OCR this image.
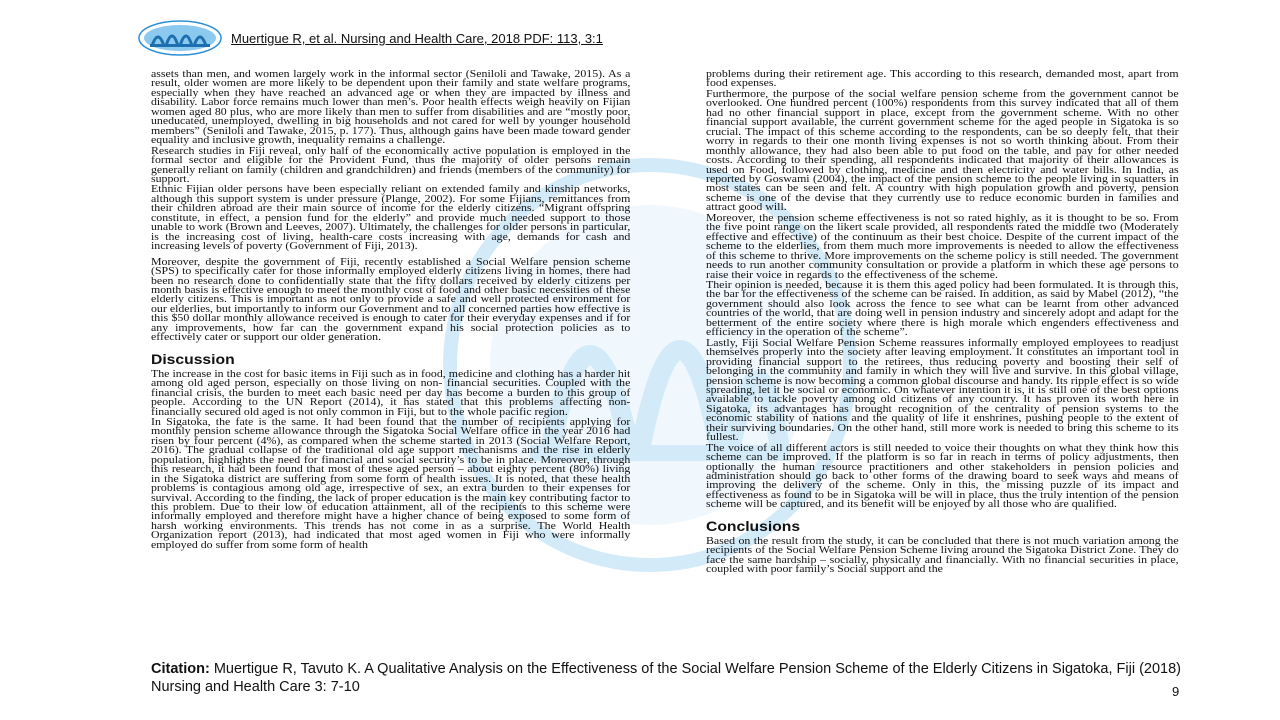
Muertigue R, et al. Nursing and Health Care, 2018 PDF: 113, 3:1

assets than men, and women largely work in the informal sector (Seniloli and Tawake, 2015). As a result, older women are more likely to be dependent upon their family and state welfare programs, especially when they have reached an advanced age or when they are impacted by illness and disability. Labor force remains much lower than men’s. Poor health effects weigh heavily on Fijian women aged 80 plus, who are more likely than men to suffer from disabilities and are “mostly poor, uneducated, unemployed, dwelling in big households and not cared for well by younger household members” (Seniloli and Tawake, 2015, p. 177). Thus, although gains have been made toward gender equality and inclusive growth, inequality remains a challenge.

Research studies in Fiji reveal, only half of the economically active population is employed in the formal sector and eligible for the Provident Fund, thus the majority of older persons remain generally reliant on family (children and grandchildren) and friends (members of the community) for support.

Ethnic Fijian older persons have been especially reliant on extended family and kinship networks, although this support system is under pressure (Plange, 2002). For some Fijians, remittances from their children abroad are their main source of income for the elderly citizens. “Migrant offspring constitute, in effect, a pension fund for the elderly” and provide much needed support to those unable to work (Brown and Leeves, 2007). Ultimately, the challenges for older persons in particular, is the increasing cost of living, health-care costs increasing with age, demands for cash and increasing levels of poverty (Government of Fiji, 2013).

Moreover, despite the government of Fiji, recently established a Social Welfare pension scheme (SPS) to specifically cater for those informally employed elderly citizens living in homes, there had been no research done to confidentially state that the fifty dollars received by elderly citizens per month basis is effective enough to meet the monthly cost of food and other basic necessities of these elderly citizens. This is important as not only to provide a safe and well protected environment for our elderlies, but importantly to inform our Government and to all concerned parties how effective is this $50 dollar monthly allowance received is enough to cater for their everyday expenses and if for any improvements, how far can the government expand his social protection policies as to effectively cater or support our older generation.

Discussion

The increase in the cost for basic items in Fiji such as in food, medicine and clothing has a harder hit among old aged person, especially on those living on non- financial securities. Coupled with the financial crisis, the burden to meet each basic need per day has become a burden to this group of people. According to the UN Report (2014), it has stated that this problems affecting non- financially secured old aged is not only common in Fiji, but to the whole pacific region.

In Sigatoka, the fate is the same. It had been found that the number of recipients applying for monthly pension scheme allowance through the Sigatoka Social Welfare office in the year 2016 had risen by four percent (4%), as compared when the scheme started in 2013 (Social Welfare Report, 2016). The gradual collapse of the traditional old age support mechanisms and the rise in elderly population, highlights the need for financial and social security’s to be in place. Moreover, through this research, it had been found that most of these aged person – about eighty percent (80%) living in the Sigatoka district are suffering from some form of health issues. It is noted, that these health problems is contagious among old age, irrespective of sex, an extra burden to their expenses for survival. According to the finding, the lack of proper education is the main key contributing factor to this problem. Due to their low of education attainment, all of the recipients to this scheme were informally employed and therefore might have a higher chance of being exposed to some form of harsh working environments. This trends has not come in as a surprise. The World Health Organization report (2013), had indicated that most aged women in Fiji who were informally employed do suffer from some form of health

problems during their retirement age. This according to this research, demanded most, apart from food expenses.

Furthermore, the purpose of the social welfare pension scheme from the government cannot be overlooked. One hundred percent (100%) respondents from this survey indicated that all of them had no other financial support in place, except from the government scheme. With no other financial support available, the current government scheme for the aged people in Sigatoka is so crucial. The impact of this scheme according to the respondents, can be so deeply felt, that their worry in regards to their one month living expenses is not so worth thinking about. From their monthly allowance, they had also been able to put food on the table, and pay for other needed costs. According to their spending, all respondents indicated that majority of their allowances is used on Food, followed by clothing, medicine and then electricity and water bills. In India, as reported by Goswami (2004), the impact of the pension scheme to the people living in squatters in most states can be seen and felt. A country with high population growth and poverty, pension scheme is one of the devise that they currently use to reduce economic burden in families and attract good will.

Moreover, the pension scheme effectiveness is not so rated highly, as it is thought to be so. From the five point range on the likert scale provided, all respondents rated the middle two (Moderately effective and effective) of the continuum as their best choice. Despite of the current impact of the scheme to the elderlies, from them much more improvements is needed to allow the effectiveness of this scheme to thrive. More improvements on the scheme policy is still needed. The government needs to run another community consultation or provide a platform in which these age persons to raise their voice in regards to the effectiveness of the scheme.

Their opinion is needed, because it is them this aged policy had been formulated. It is through this, the bar for the effectiveness of the scheme can be raised. In addition, as said by Mabel (2012), “the government should also look across the fence to see what can be learnt from other advanced countries of the world, that are doing well in pension industry and sincerely adopt and adapt for the betterment of the entire society where there is high morale which engenders effectiveness and efficiency in the operation of the scheme”.

Lastly, Fiji Social Welfare Pension Scheme reassures informally employed employees to readjust themselves properly into the society after leaving employment. It constitutes an important tool in providing financial support to the retirees, thus reducing poverty and boosting their self of belonging in the community and family in which they will live and survive. In this global village, pension scheme is now becoming a common global discourse and handy. Its ripple effect is so wide spreading, let it be social or economic. On whatever intention it is, it is still one of the best options available to tackle poverty among old citizens of any country. It has proven its worth here in Sigatoka, its advantages has brought recognition of the centrality of pension systems to the economic stability of nations and the quality of life it enshrines, pushing people to the extent of their surviving boundaries. On the other hand, still more work is needed to bring this scheme to its fullest.

The voice of all different actors is still needed to voice their thoughts on what they think how this scheme can be improved. If the platform is so far in reach in terms of policy adjustments, then optionally the human resource practitioners and other stakeholders in pension policies and administration should go back to other forms of the drawing board to seek ways and means of improving the delivery of the scheme. Only in this, the missing puzzle of its impact and effectiveness as found to be in Sigatoka will be will in place, thus the truly intention of the pension scheme will be captured, and its benefit will be enjoyed by all those who are qualified.

Conclusions

Based on the result from the study, it can be concluded that there is not much variation among the recipients of the Social Welfare Pension Scheme living around the Sigatoka District Zone. They do face the same hardship – socially, physically and financially. With no financial securities in place, coupled with poor family’s Social support and the

Citation: Muertigue R, Tavuto K. A Qualitative Analysis on the Effectiveness of the Social Welfare Pension Scheme of the Elderly Citizens in Sigatoka, Fiji (2018) Nursing and Health Care 3: 7-10	9
